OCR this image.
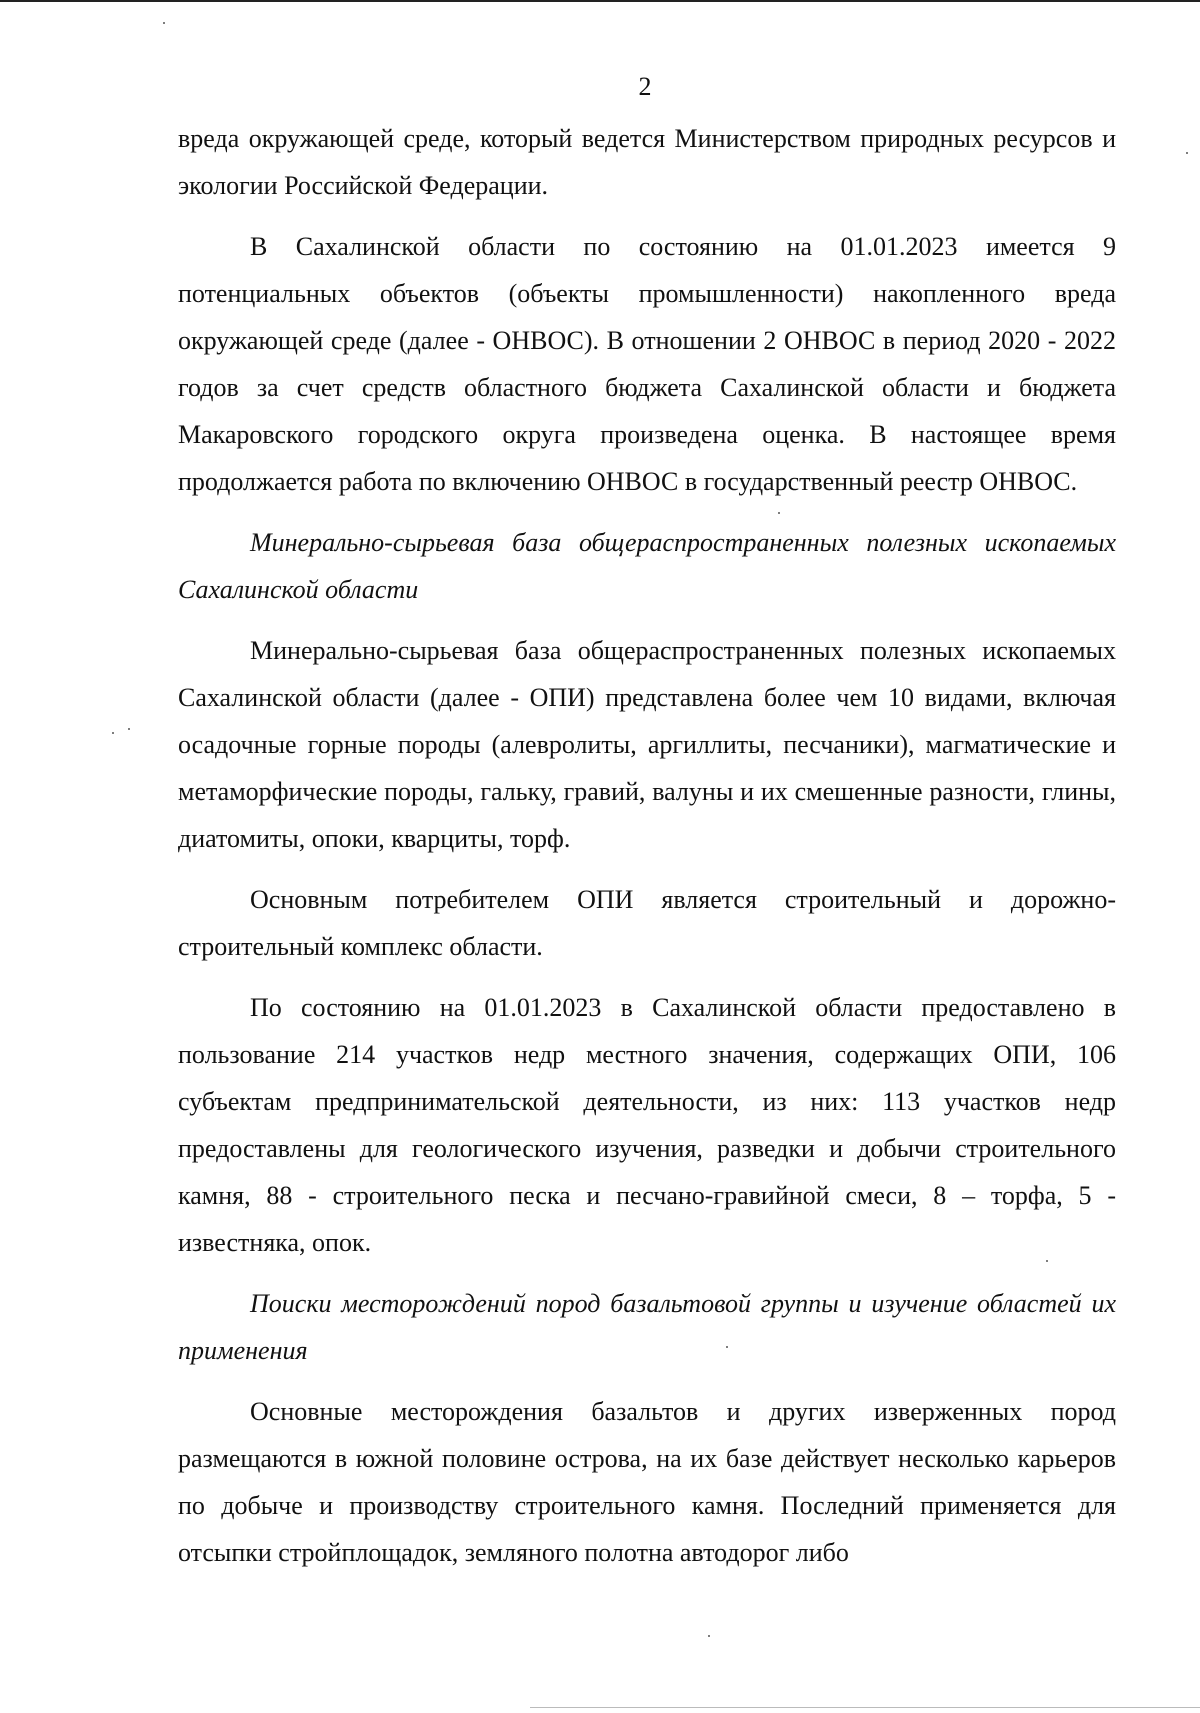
2

вреда окружающей среде, который ведется Министерством природных ресурсов и экологии Российской Федерации.

В Сахалинской области по состоянию на 01.01.2023 имеется 9 потенциальных объектов (объекты промышленности) накопленного вреда окружающей среде (далее - ОНВОС). В отношении 2 ОНВОС в период 2020 - 2022 годов за счет средств областного бюджета Сахалинской области и бюджета Макаровского городского округа произведена оценка. В настоящее время продолжается работа по включению ОНВОС в государственный реестр ОНВОС.

Минерально-сырьевая база общераспространенных полезных ископаемых Сахалинской области

Минерально-сырьевая база общераспространенных полезных ископаемых Сахалинской области (далее - ОПИ) представлена более чем 10 видами, включая осадочные горные породы (алевролиты, аргиллиты, песчаники), магматические и метаморфические породы, гальку, гравий, валуны и их смешенные разности, глины, диатомиты, опоки, кварциты, торф.

Основным потребителем ОПИ является строительный и дорожно-строительный комплекс области.

По состоянию на 01.01.2023 в Сахалинской области предоставлено в пользование 214 участков недр местного значения, содержащих ОПИ, 106 субъектам предпринимательской деятельности, из них: 113 участков недр предоставлены для геологического изучения, разведки и добычи строительного камня, 88 - строительного песка и песчано-гравийной смеси, 8 – торфа, 5 - известняка, опок.

Поиски месторождений пород базальтовой группы и изучение областей их применения

Основные месторождения базальтов и других изверженных пород размещаются в южной половине острова, на их базе действует несколько карьеров по добыче и производству строительного камня. Последний применяется для отсыпки стройплощадок, земляного полотна автодорог либо
